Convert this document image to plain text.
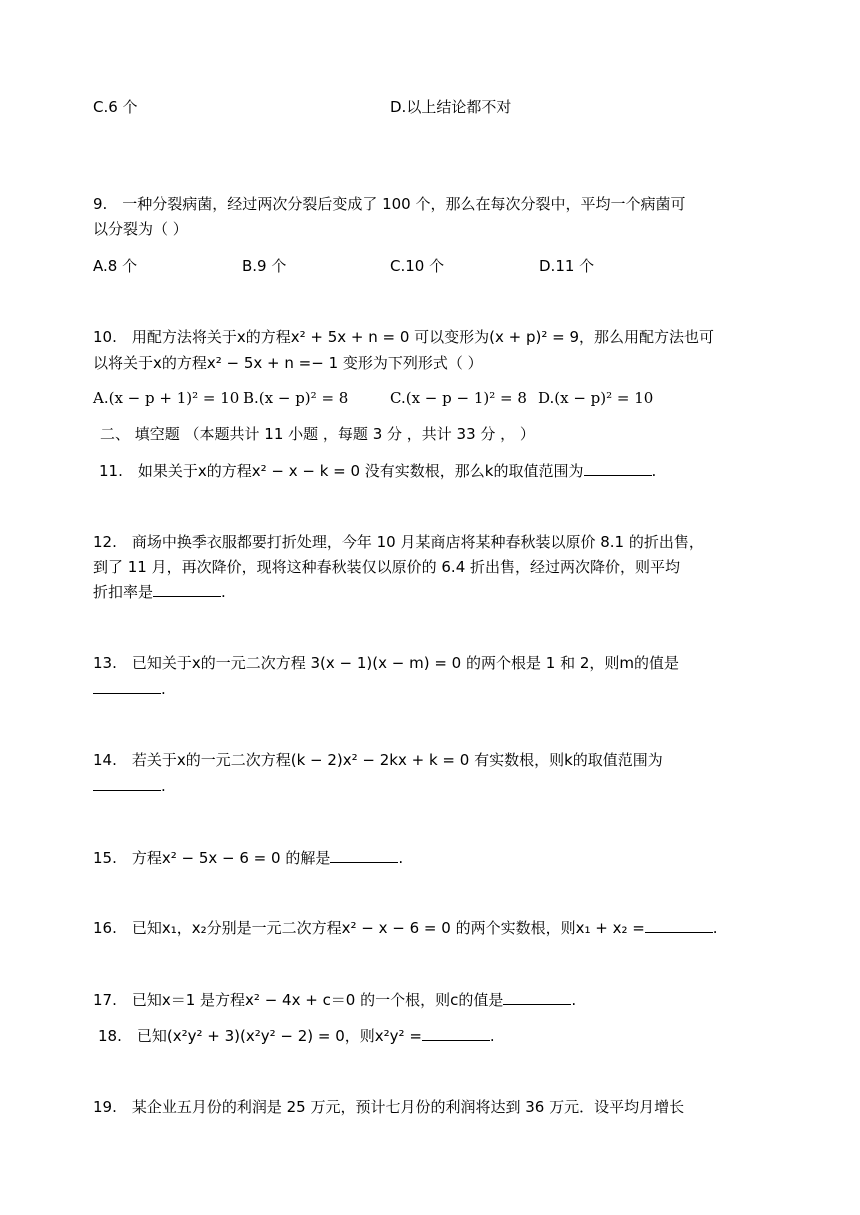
C.6 个	D.以上结论都不对
9.　一种分裂病菌，经过两次分裂后变成了 100 个，那么在每次分裂中，平均一个病菌可
以分裂为（ ）
A.8 个	B.9 个	C.10 个	D.11 个
10.　用配方法将关于x的方程x² + 5x + n = 0 可以变形为(x + p)² = 9，那么用配方法也可
以将关于x的方程x² − 5x + n =− 1 变形为下列形式（ ）
A.(x − p + 1)² = 10 B.(x − p)² = 8	C.(x − p − 1)² = 8 D.(x − p)² = 10
二、 填空题 （本题共计 11 小题 ，每题 3 分 ，共计 33 分 ， ）
11.　如果关于x的方程x² − x − k = 0 没有实数根，那么k的取值范围为	.
12.　商场中换季衣服都要打折处理，今年 10 月某商店将某种春秋装以原价 8.1 的折出售，
到了 11 月，再次降价，现将这种春秋装仅以原价的 6.4 折出售，经过两次降价，则平均
折扣率是	.
13.　已知关于x的一元二次方程 3(x − 1)(x − m) = 0 的两个根是 1 和 2，则m的值是
.
14.　若关于x的一元二次方程(k − 2)x² − 2kx + k = 0 有实数根，则k的取值范围为
.
15.　方程x² − 5x − 6 = 0 的解是	.
16.　已知x₁，x₂分别是一元二次方程x² − x − 6 = 0 的两个实数根，则x₁ + x₂ =	.
17.　已知x＝1 是方程x² − 4x + c＝0 的一个根，则c的值是	.
18.　已知(x²y² + 3)(x²y² − 2) = 0，则x²y² =	.
19.　某企业五月份的利润是 25 万元，预计七月份的利润将达到 36 万元．设平均月增长
